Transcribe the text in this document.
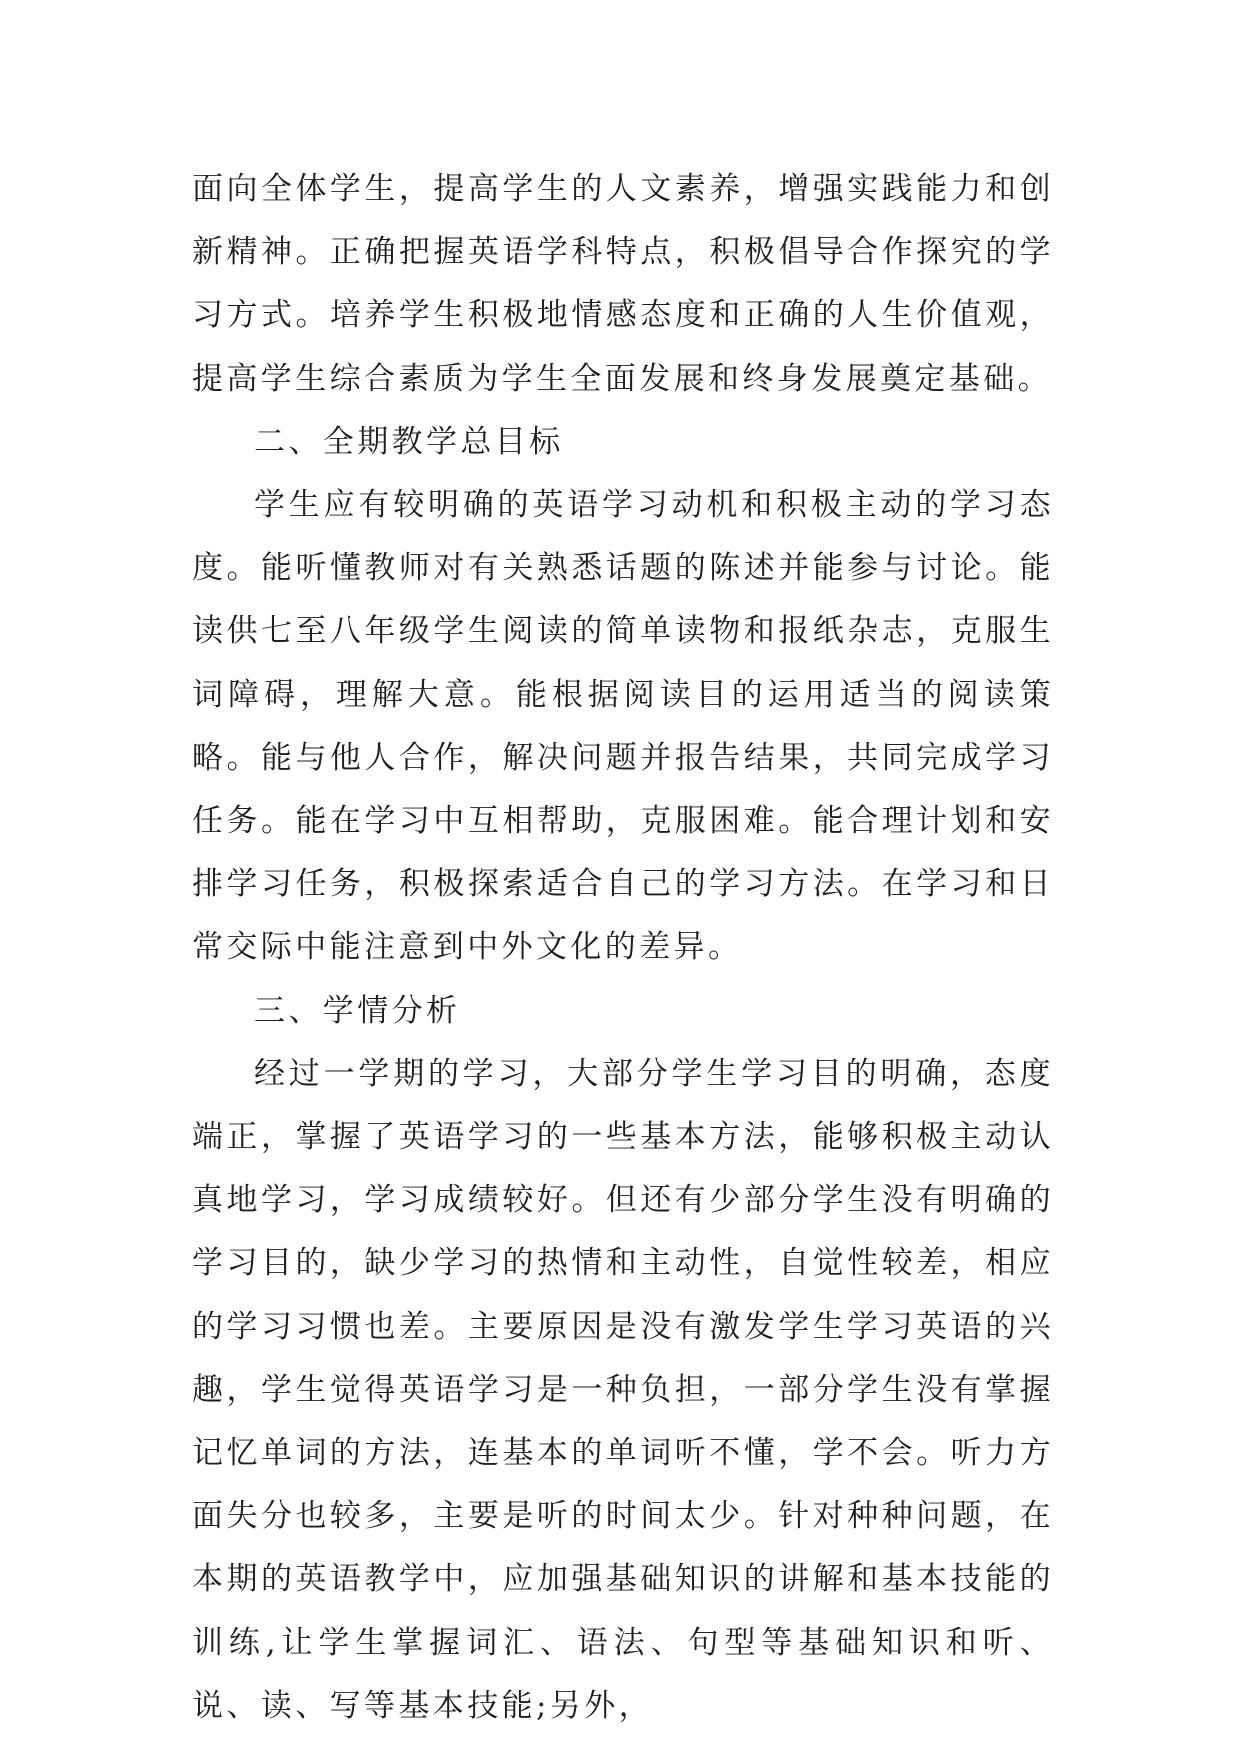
面向全体学生，提高学生的人文素养，增强实践能力和创新精神。正确把握英语学科特点，积极倡导合作探究的学习方式。培养学生积极地情感态度和正确的人生价值观，提高学生综合素质为学生全面发展和终身发展奠定基础。

二、全期教学总目标

学生应有较明确的英语学习动机和积极主动的学习态度。能听懂教师对有关熟悉话题的陈述并能参与讨论。能读供七至八年级学生阅读的简单读物和报纸杂志，克服生词障碍，理解大意。能根据阅读目的运用适当的阅读策略。能与他人合作，解决问题并报告结果，共同完成学习任务。能在学习中互相帮助，克服困难。能合理计划和安排学习任务，积极探索适合自己的学习方法。在学习和日常交际中能注意到中外文化的差异。

三、学情分析

经过一学期的学习，大部分学生学习目的明确，态度端正，掌握了英语学习的一些基本方法，能够积极主动认真地学习，学习成绩较好。但还有少部分学生没有明确的学习目的，缺少学习的热情和主动性，自觉性较差，相应的学习习惯也差。主要原因是没有激发学生学习英语的兴趣，学生觉得英语学习是一种负担，一部分学生没有掌握记忆单词的方法，连基本的单词听不懂，学不会。听力方面失分也较多，主要是听的时间太少。针对种种问题，在本期的英语教学中，应加强基础知识的讲解和基本技能的训练,让学生掌握词汇、语法、句型等基础知识和听、说、读、写等基本技能;另外，
